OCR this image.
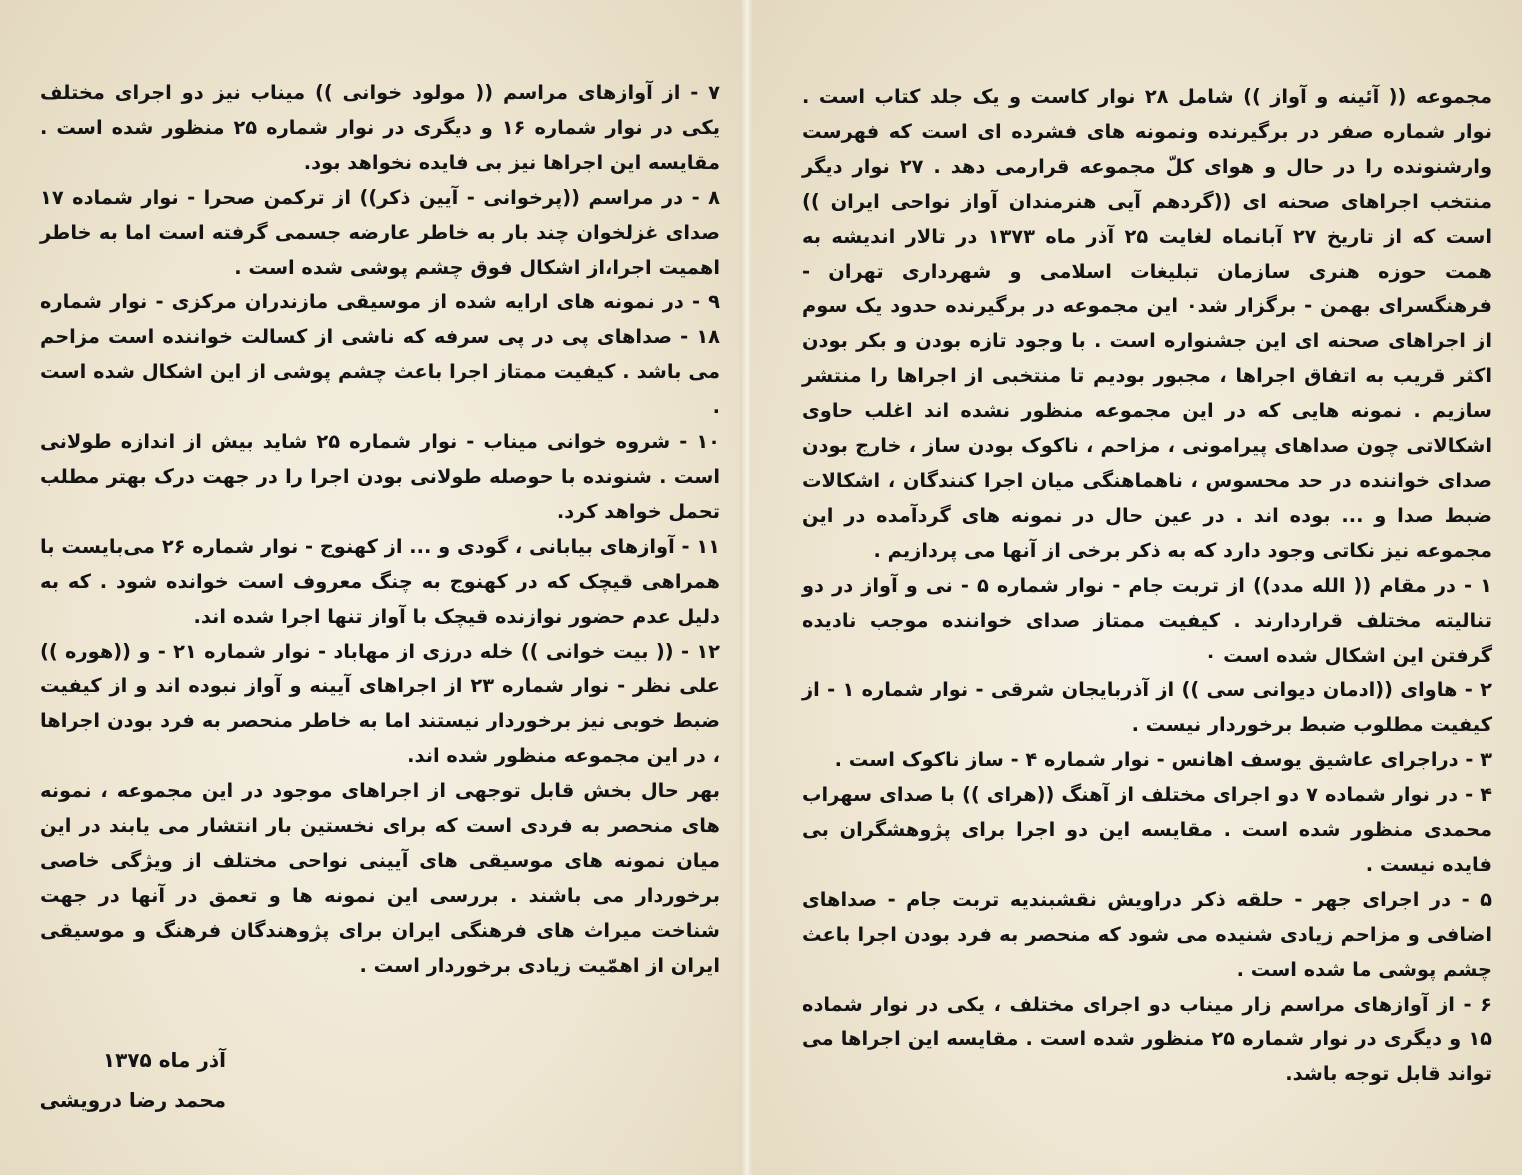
۷ - از آوازهای مراسم (( مولود خوانی )) میناب نیز دو اجرای مختلف یکی در نوار شماره ۱۶ و دیگری در نوار شماره ۲۵ منظور شده است . مقایسه این اجراها نیز بی فایده نخواهد بود.

۸ - در مراسم ((پرخوانی - آیین ذکر)) از ترکمن صحرا - نوار شماده ۱۷ صدای غزلخوان چند بار به خاطر عارضه جسمی گرفته است اما به خاطر اهمیت اجرا،از اشکال فوق چشم پوشی شده است .

۹ - در نمونه های ارایه شده از موسیقی مازندران مرکزی - نوار شماره ۱۸ - صداهای پی در پی سرفه که ناشی از کسالت خواننده است مزاحم می باشد . کیفیت ممتاز اجرا باعث چشم پوشی از این اشکال شده است .

۱۰ - شروه خوانی میناب - نوار شماره ۲۵ شاید بیش از اندازه طولانی است . شنونده با حوصله طولانی بودن اجرا را در جهت درک بهتر مطلب تحمل خواهد کرد.

۱۱ - آوازهای بیابانی ، گودی و ... از کهنوج - نوار شماره ۲۶ می‌بایست با همراهی قیچک که در کهنوج به چنگ معروف است خوانده شود . که به دلیل عدم حضور نوازنده قیچک با آواز تنها اجرا شده اند.

۱۲ - (( بیت خوانی )) خله درزی از مهاباد - نوار شماره ۲۱ - و ((هوره )) علی نظر - نوار شماره ۲۳ از اجراهای آیینه و آواز نبوده اند و از کیفیت ضبط خوبی نیز برخوردار نیستند اما به خاطر منحصر به فرد بودن اجراها ، در این مجموعه منظور شده اند.

بهر حال بخش قابل توجهی از اجراهای موجود در این مجموعه ، نمونه های منحصر به فردی است که برای نخستین بار انتشار می یابند در این میان نمونه های موسیقی های آیینی نواحی مختلف از ویژگی خاصی برخوردار می باشند . بررسی این نمونه ها و تعمق در آنها در جهت شناخت میراث های فرهنگی ایران برای پژوهندگان فرهنگ و موسیقی ایران از اهمّیت زیادی برخوردار است .

آذر ماه ۱۳۷۵
محمد رضا درویشی

مجموعه (( آئینه و آواز )) شامل ۲۸ نوار کاست و یک جلد کتاب است . نوار شماره صفر در برگیرنده ونمونه های فشرده ای است که فهرست وارشنونده را در حال و هوای کلّ مجموعه قرارمی دهد . ۲۷ نوار دیگر منتخب اجراهای صحنه ای ((گردهم آیی هنرمندان آواز نواحی ایران )) است که از تاریخ ۲۷ آبانماه لغایت ۲۵ آذر ماه ۱۳۷۳ در تالار اندیشه به همت حوزه هنری سازمان تبلیغات اسلامی و شهرداری تهران - فرهنگسرای بهمن - برگزار شد٠ این مجموعه در برگیرنده حدود یک سوم از اجراهای صحنه ای این جشنواره است . با وجود تازه بودن و بکر بودن اکثر قریب به اتفاق اجراها ، مجبور بودیم تا منتخبی از اجراها را منتشر سازیم . نمونه هایی که در این مجموعه منظور نشده اند اغلب حاوی اشکالاتی چون صداهای پیرامونی ، مزاحم ، ناکوک بودن ساز ، خارج بودن صدای خواننده در حد محسوس ، ناهماهنگی میان اجرا کنندگان ، اشکالات ضبط صدا و ... بوده اند . در عین حال در نمونه های گردآمده در این مجموعه نیز نکاتی وجود دارد که به ذکر برخی از آنها می پردازیم .

۱ - در مقام (( الله مدد)) از تربت جام - نوار شماره ۵ - نی و آواز در دو تنالیته مختلف قراردارند . کیفیت ممتاز صدای خواننده موجب نادیده گرفتن این اشکال شده است ٠

۲ - هاوای ((ادمان دیوانی سی )) از آذربایجان شرقی - نوار شماره ۱ - از کیفیت مطلوب ضبط برخوردار نیست .

۳ - دراجرای عاشیق یوسف اهانس - نوار شماره ۴ - ساز ناکوک است .

۴ - در نوار شماده ۷ دو اجرای مختلف از آهنگ ((هرای )) با صدای سهراب محمدی منظور شده است . مقایسه این دو اجرا برای پژوهشگران بی فایده نیست .

۵ - در اجرای جهر - حلقه ذکر دراویش نقشبندیه تربت جام - صداهای اضافی و مزاحم زیادی شنیده می شود که منحصر به فرد بودن اجرا باعث چشم پوشی ما شده است .

۶ - از آوازهای مراسم زار میناب دو اجرای مختلف ، یکی در نوار شماده ۱۵ و دیگری در نوار شماره ۲۵ منظور شده است . مقایسه این اجراها می تواند قابل توجه باشد.
